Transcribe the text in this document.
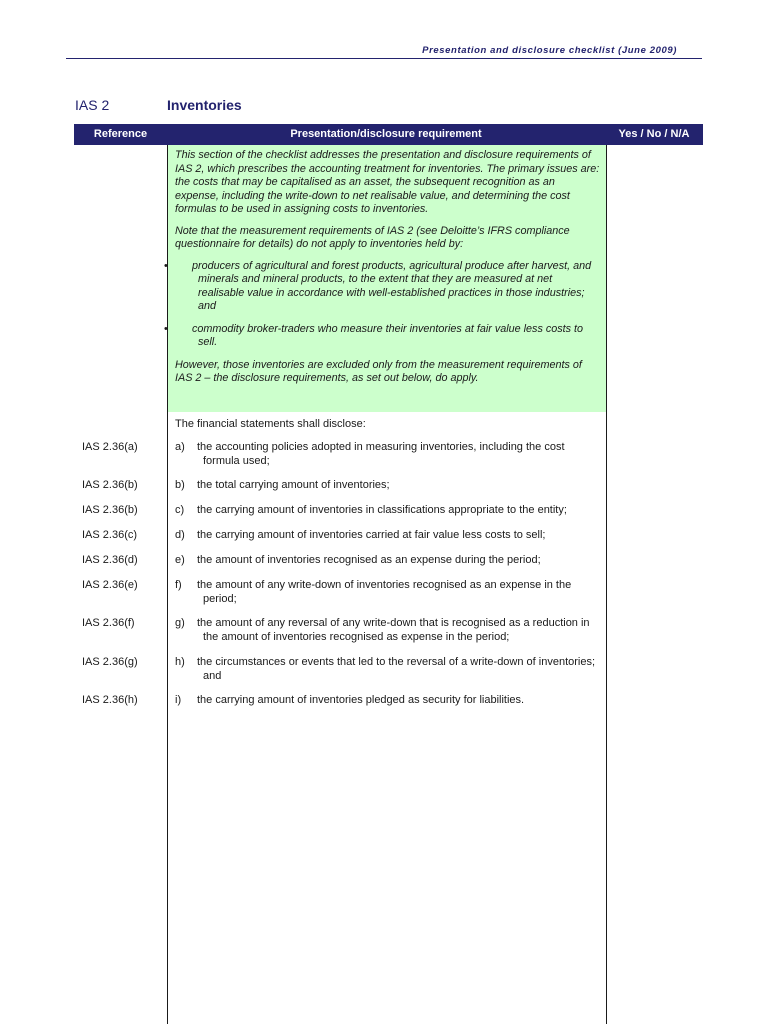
Presentation and disclosure checklist (June 2009)
IAS 2	Inventories
Reference	Presentation/disclosure requirement	Yes / No / N/A

This section of the checklist addresses the presentation and disclosure requirements of IAS 2, which prescribes the accounting treatment for inventories. The primary issues are: the costs that may be capitalised as an asset, the subsequent recognition as an expense, including the write-down to net realisable value, and determining the cost formulas to be used in assigning costs to inventories.

Note that the measurement requirements of IAS 2 (see Deloitte’s IFRS compliance questionnaire for details) do not apply to inventories held by:

• producers of agricultural and forest products, agricultural produce after harvest, and minerals and mineral products, to the extent that they are measured at net realisable value in accordance with well-established practices in those industries; and
• commodity broker-traders who measure their inventories at fair value less costs to sell.

However, those inventories are excluded only from the measurement requirements of IAS 2 – the disclosure requirements, as set out below, do apply.

The financial statements shall disclose:
IAS 2.36(a)	a) the accounting policies adopted in measuring inventories, including the cost formula used;
IAS 2.36(b)	b) the total carrying amount of inventories;
IAS 2.36(b)	c) the carrying amount of inventories in classifications appropriate to the entity;
IAS 2.36(c)	d) the carrying amount of inventories carried at fair value less costs to sell;
IAS 2.36(d)	e) the amount of inventories recognised as an expense during the period;
IAS 2.36(e)	f) the amount of any write-down of inventories recognised as an expense in the period;
IAS 2.36(f)	g) the amount of any reversal of any write-down that is recognised as a reduction in the amount of inventories recognised as expense in the period;
IAS 2.36(g)	h) the circumstances or events that led to the reversal of a write-down of inventories; and
IAS 2.36(h)	i) the carrying amount of inventories pledged as security for liabilities.
